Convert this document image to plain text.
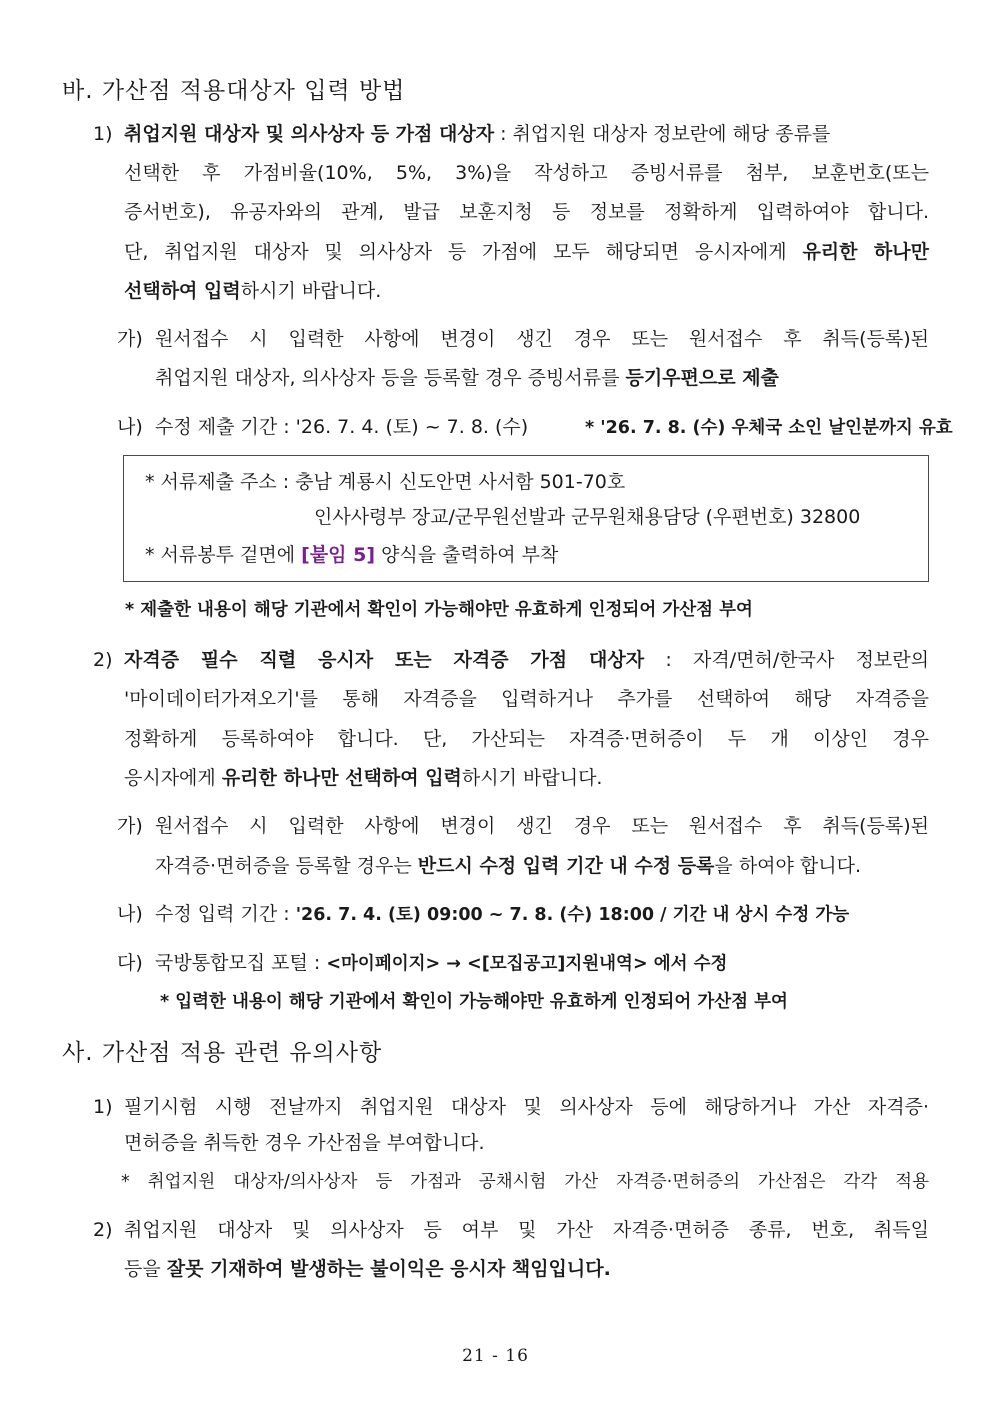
바. 가산점 적용대상자 입력 방법
1) 취업지원 대상자 및 의사상자 등 가점 대상자 : 취업지원 대상자 정보란에 해당 종류를
선택한 후 가점비율(10%, 5%, 3%)을 작성하고 증빙서류를 첨부, 보훈번호(또는
증서번호), 유공자와의 관계, 발급 보훈지청 등 정보를 정확하게 입력하여야 합니다.
단, 취업지원 대상자 및 의사상자 등 가점에 모두 해당되면 응시자에게 유리한 하나만
선택하여 입력하시기 바랍니다.
가) 원서접수 시 입력한 사항에 변경이 생긴 경우 또는 원서접수 후 취득(등록)된
취업지원 대상자, 의사상자 등을 등록할 경우 증빙서류를 등기우편으로 제출
나) 수정 제출 기간 : '26. 7. 4. (토) ~ 7. 8. (수)	* '26. 7. 8. (수) 우체국 소인 날인분까지 유효
* 서류제출 주소 : 충남 계룡시 신도안면 사서함 501-70호
인사사령부 장교/군무원선발과 군무원채용담당 (우편번호) 32800
* 서류봉투 겉면에 [붙임 5] 양식을 출력하여 부착
* 제출한 내용이 해당 기관에서 확인이 가능해야만 유효하게 인정되어 가산점 부여
2) 자격증 필수 직렬 응시자 또는 자격증 가점 대상자 : 자격/면허/한국사 정보란의
'마이데이터가져오기'를 통해 자격증을 입력하거나 추가를 선택하여 해당 자격증을
정확하게 등록하여야 합니다. 단, 가산되는 자격증·면허증이 두 개 이상인 경우
응시자에게 유리한 하나만 선택하여 입력하시기 바랍니다.
가) 원서접수 시 입력한 사항에 변경이 생긴 경우 또는 원서접수 후 취득(등록)된
자격증·면허증을 등록할 경우는 반드시 수정 입력 기간 내 수정 등록을 하여야 합니다.
나) 수정 입력 기간 : '26. 7. 4. (토) 09:00 ~ 7. 8. (수) 18:00 / 기간 내 상시 수정 가능
다) 국방통합모집 포털 : <마이페이지> → <[모집공고]지원내역> 에서 수정
* 입력한 내용이 해당 기관에서 확인이 가능해야만 유효하게 인정되어 가산점 부여
사. 가산점 적용 관련 유의사항
1) 필기시험 시행 전날까지 취업지원 대상자 및 의사상자 등에 해당하거나 가산 자격증·
면허증을 취득한 경우 가산점을 부여합니다.
* 취업지원 대상자/의사상자 등 가점과 공채시험 가산 자격증·면허증의 가산점은 각각 적용
2) 취업지원 대상자 및 의사상자 등 여부 및 가산 자격증·면허증 종류, 번호, 취득일
등을 잘못 기재하여 발생하는 불이익은 응시자 책임입니다.
21 - 16
